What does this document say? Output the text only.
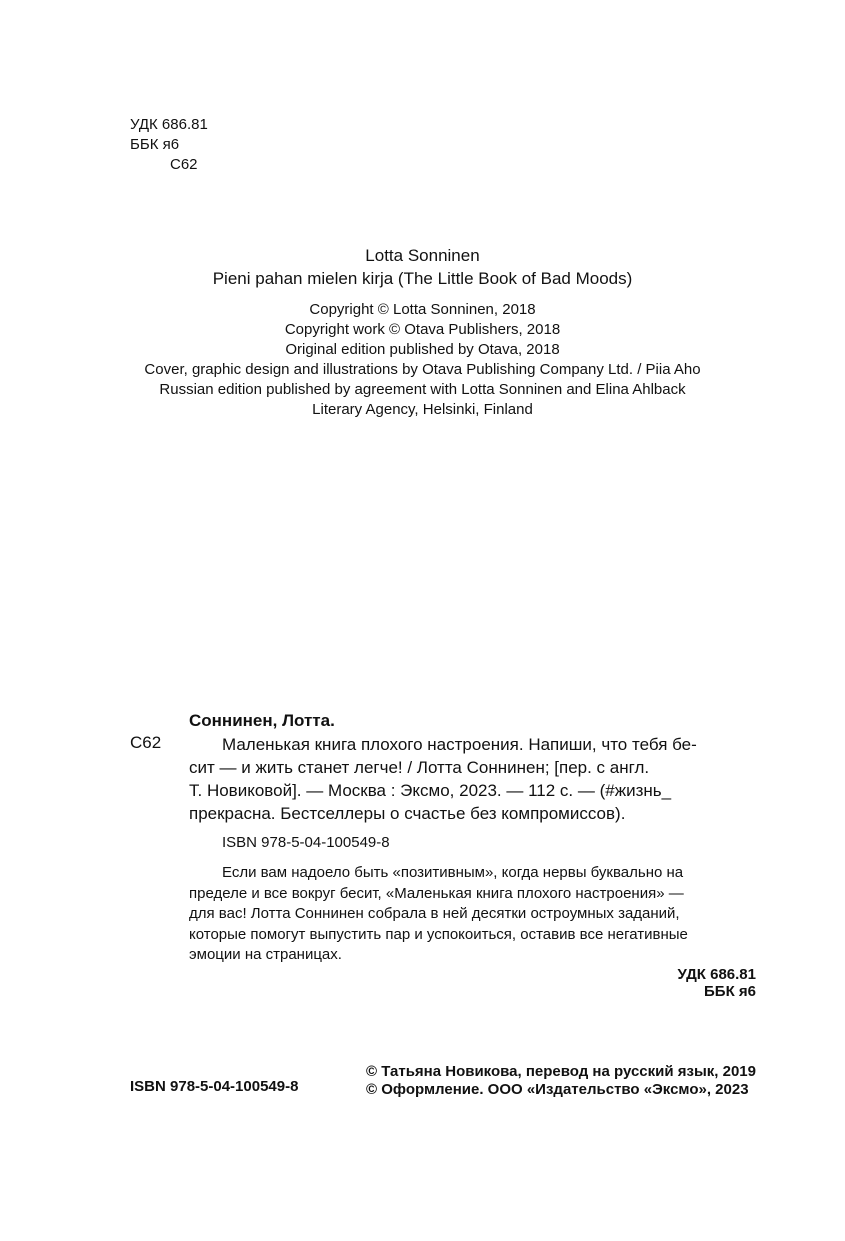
УДК 686.81
ББК я6
С62
Lotta Sonninen
Pieni pahan mielen kirja (The Little Book of Bad Moods)
Copyright © Lotta Sonninen, 2018
Copyright work © Otava Publishers, 2018
Original edition published by Otava, 2018
Cover, graphic design and illustrations by Otava Publishing Company Ltd. / Piia Aho
Russian edition published by agreement with Lotta Sonninen and Elina Ahlback
Literary Agency, Helsinki, Finland
Соннинен, Лотта.
С62	Маленькая книга плохого настроения. Напиши, что тебя бе-
сит — и жить станет легче! / Лотта Соннинен; [пер. с англ.
Т. Новиковой]. — Москва : Эксмо, 2023. — 112 с. — (#жизнь_
прекрасна. Бестселлеры о счастье без компромиссов).
ISBN 978-5-04-100549-8
Если вам надоело быть «позитивным», когда нервы буквально на
пределе и все вокруг бесит, «Маленькая книга плохого настроения» —
для вас! Лотта Соннинен собрала в ней десятки остроумных заданий,
которые помогут выпустить пар и успокоиться, оставив все негативные
эмоции на страницах.
УДК 686.81
ББК я6
ISBN 978-5-04-100549-8
© Татьяна Новикова, перевод на русский язык, 2019
© Оформление. ООО «Издательство «Эксмо», 2023
